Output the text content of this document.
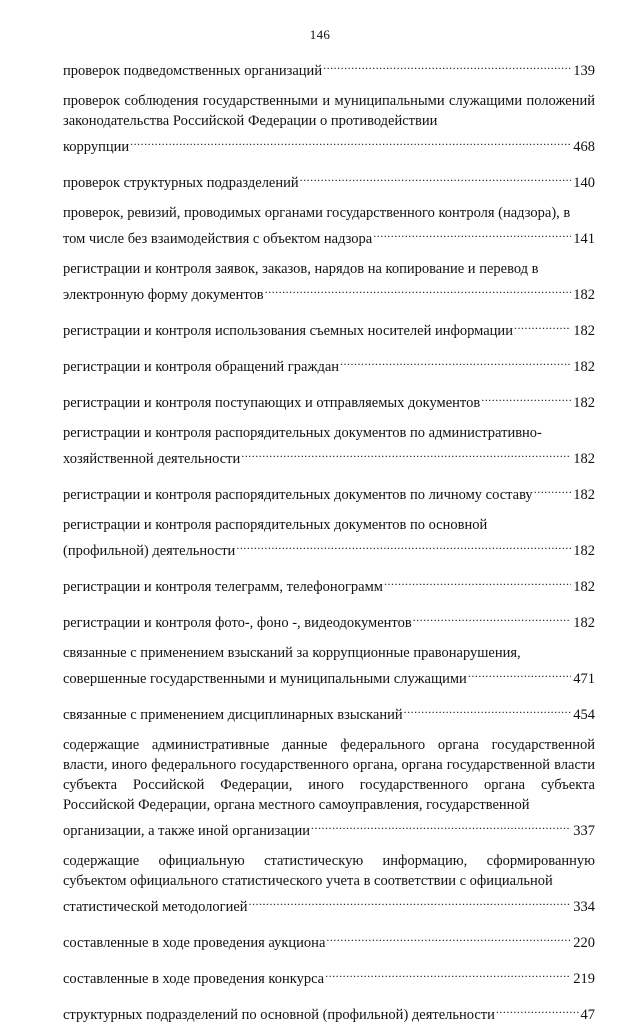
146
проверок подведомственных организаций .....	139
проверок соблюдения государственными и муниципальными служащими положений законодательства Российской Федерации о противодействии
коррупции .....	468
проверок структурных подразделений .....	140
проверок, ревизий, проводимых органами государственного контроля (надзора), в
том числе без взаимодействия с объектом надзора .....	141
регистрации и контроля заявок, заказов, нарядов на копирование и перевод в
электронную форму документов .....	182
регистрации и контроля использования съемных носителей информации .....	182
регистрации и контроля обращений граждан .....	182
регистрации и контроля поступающих и отправляемых документов .....	182
регистрации и контроля распорядительных документов по административно-
хозяйственной деятельности .....	182
регистрации и контроля распорядительных документов по личному составу .....	182
регистрации и контроля распорядительных документов по основной
(профильной) деятельности .....	182
регистрации и контроля телеграмм, телефонограмм .....	182
регистрации и контроля фото-, фоно -, видеодокументов .....	182
связанные с применением взысканий за коррупционные правонарушения,
совершенные государственными и муниципальными служащими .....	471
связанные с применением дисциплинарных взысканий .....	454
содержащие административные данные федерального органа государственной власти, иного федерального государственного органа, органа государственной власти субъекта Российской Федерации, иного государственного органа субъекта Российской Федерации, органа местного самоуправления, государственной
организации, а также иной организации .....	337
содержащие официальную статистическую информацию, сформированную субъектом официального статистического учета в соответствии с официальной
статистической методологией .....	334
составленные в ходе проведения аукциона .....	220
составленные в ходе проведения конкурса .....	219
структурных подразделений по основной (профильной) деятельности .....	47
